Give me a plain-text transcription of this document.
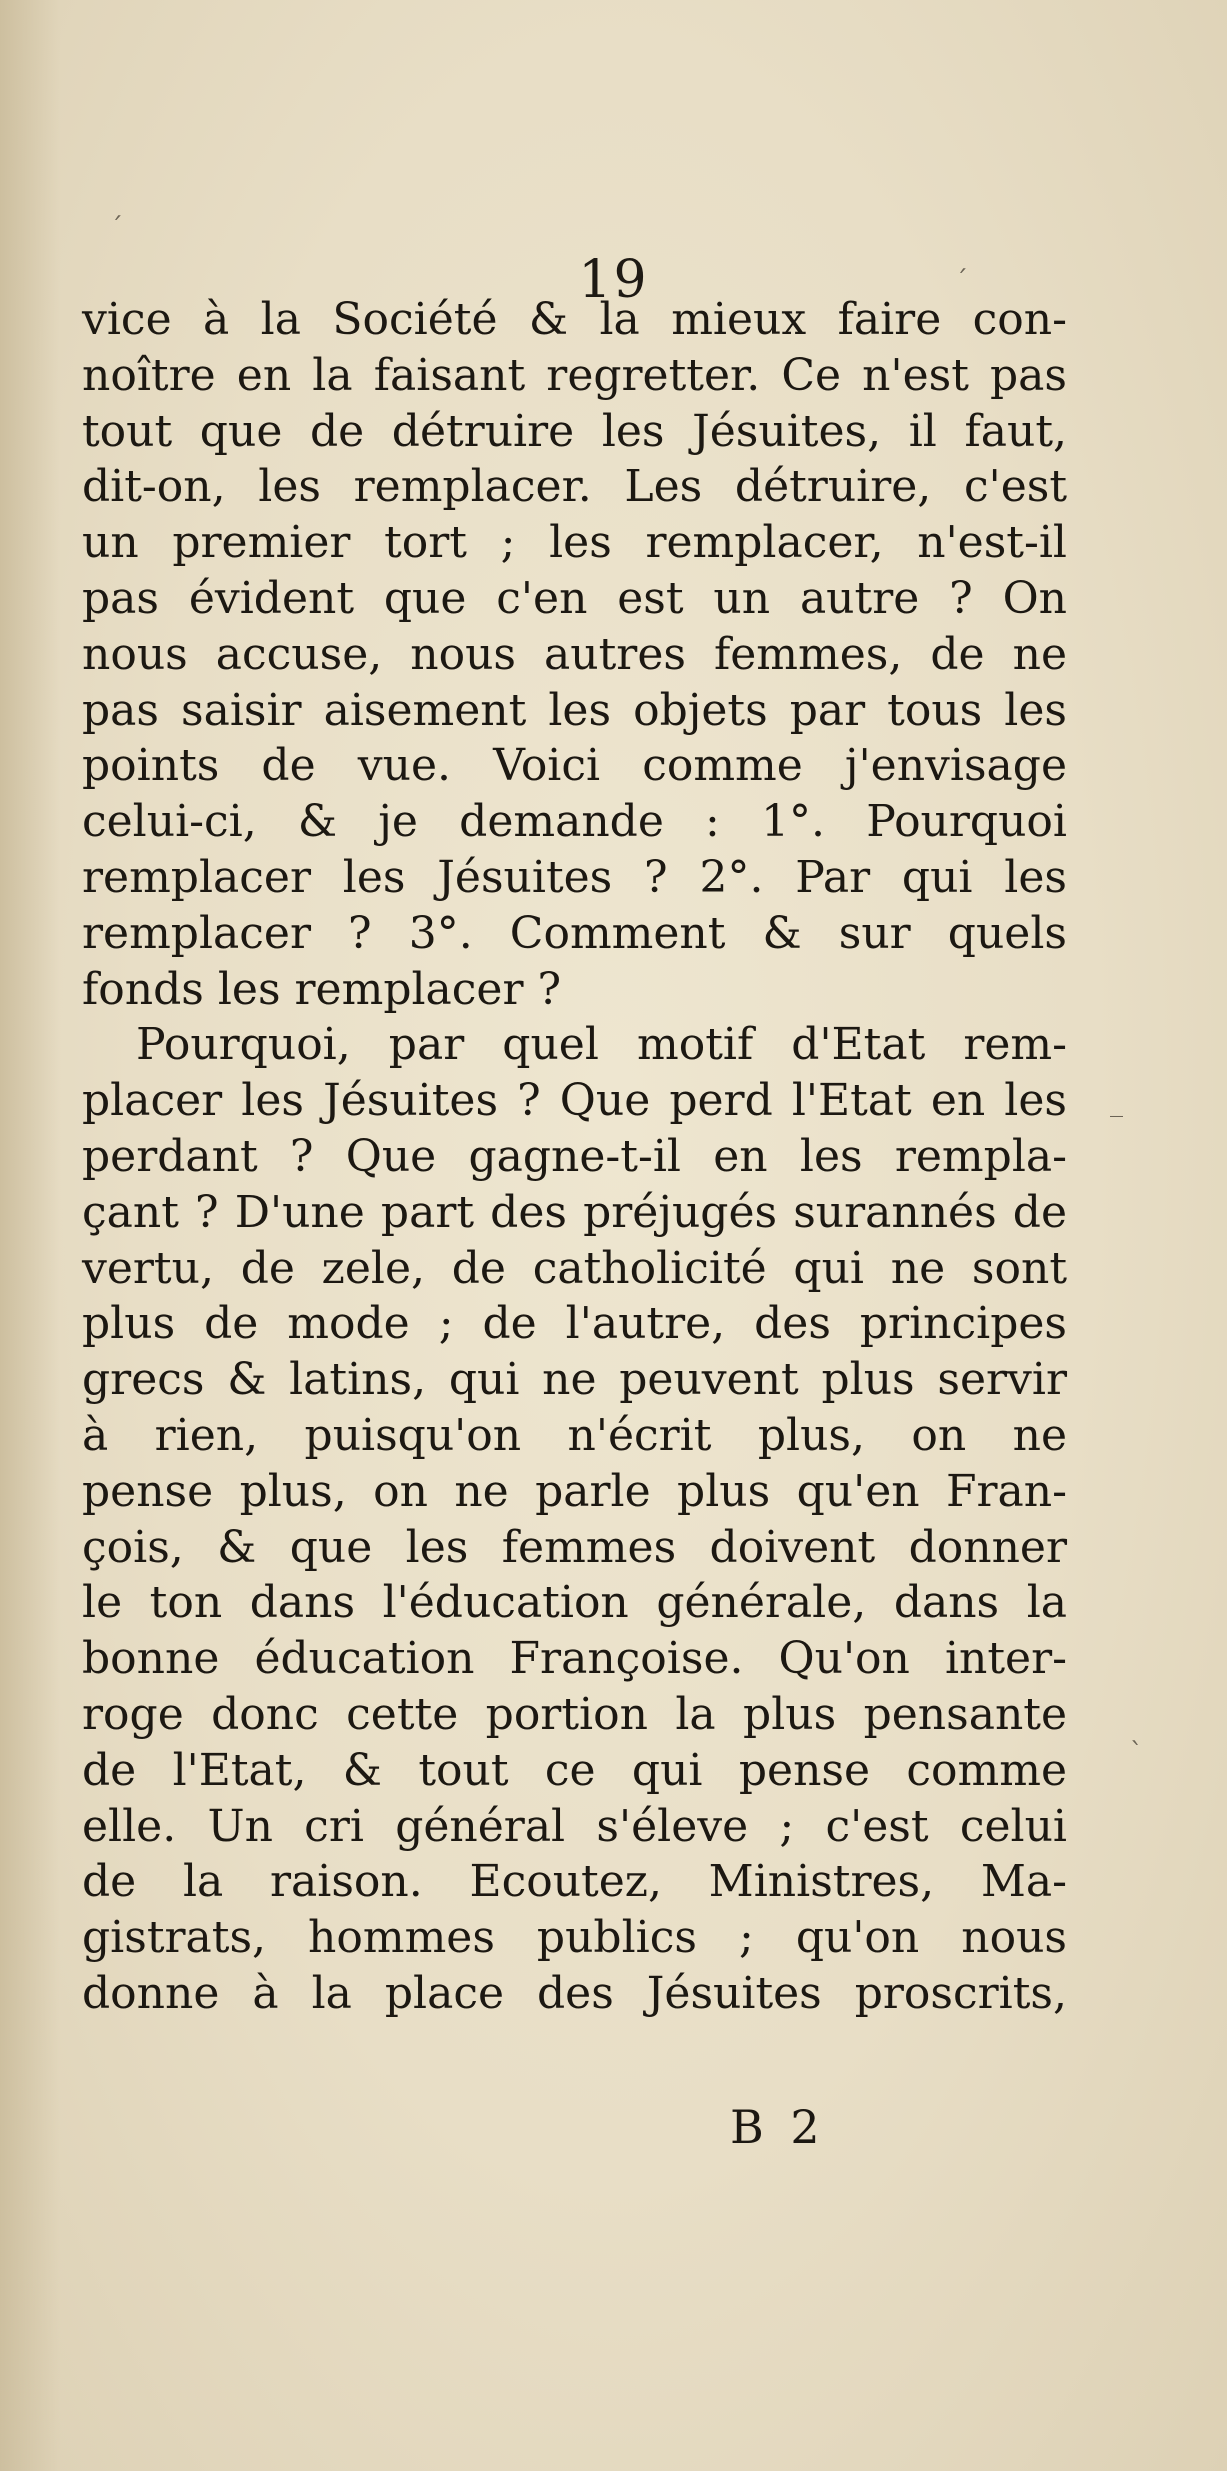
ˊ
ˊ
‾
ˋ
19
vice à la Société & la mieux faire con-
noître en la faisant regretter. Ce n'est pas
tout que de détruire les Jésuites, il faut,
dit-on, les remplacer. Les détruire, c'est
un premier tort ; les remplacer, n'est-il
pas évident que c'en est un autre ? On
nous accuse, nous autres femmes, de ne
pas saisir aisement les objets par tous les
points de vue. Voici comme j'envisage
celui-ci, & je demande : 1°. Pourquoi
remplacer les Jésuites ? 2°. Par qui les
remplacer ? 3°. Comment & sur quels
fonds les remplacer ?
Pourquoi, par quel motif d'Etat rem-
placer les Jésuites ? Que perd l'Etat en les
perdant ? Que gagne-t-il en les rempla-
çant ? D'une part des préjugés surannés de
vertu, de zele, de catholicité qui ne sont
plus de mode ; de l'autre, des principes
grecs & latins, qui ne peuvent plus servir
à rien, puisqu'on n'écrit plus, on ne
pense plus, on ne parle plus qu'en Fran-
çois, & que les femmes doivent donner
le ton dans l'éducation générale, dans la
bonne éducation Françoise. Qu'on inter-
roge donc cette portion la plus pensante
de l'Etat, & tout ce qui pense comme
elle. Un cri général s'éleve ; c'est celui
de la raison. Ecoutez, Ministres, Ma-
gistrats, hommes publics ; qu'on nous
donne à la place des Jésuites proscrits,
B 2
